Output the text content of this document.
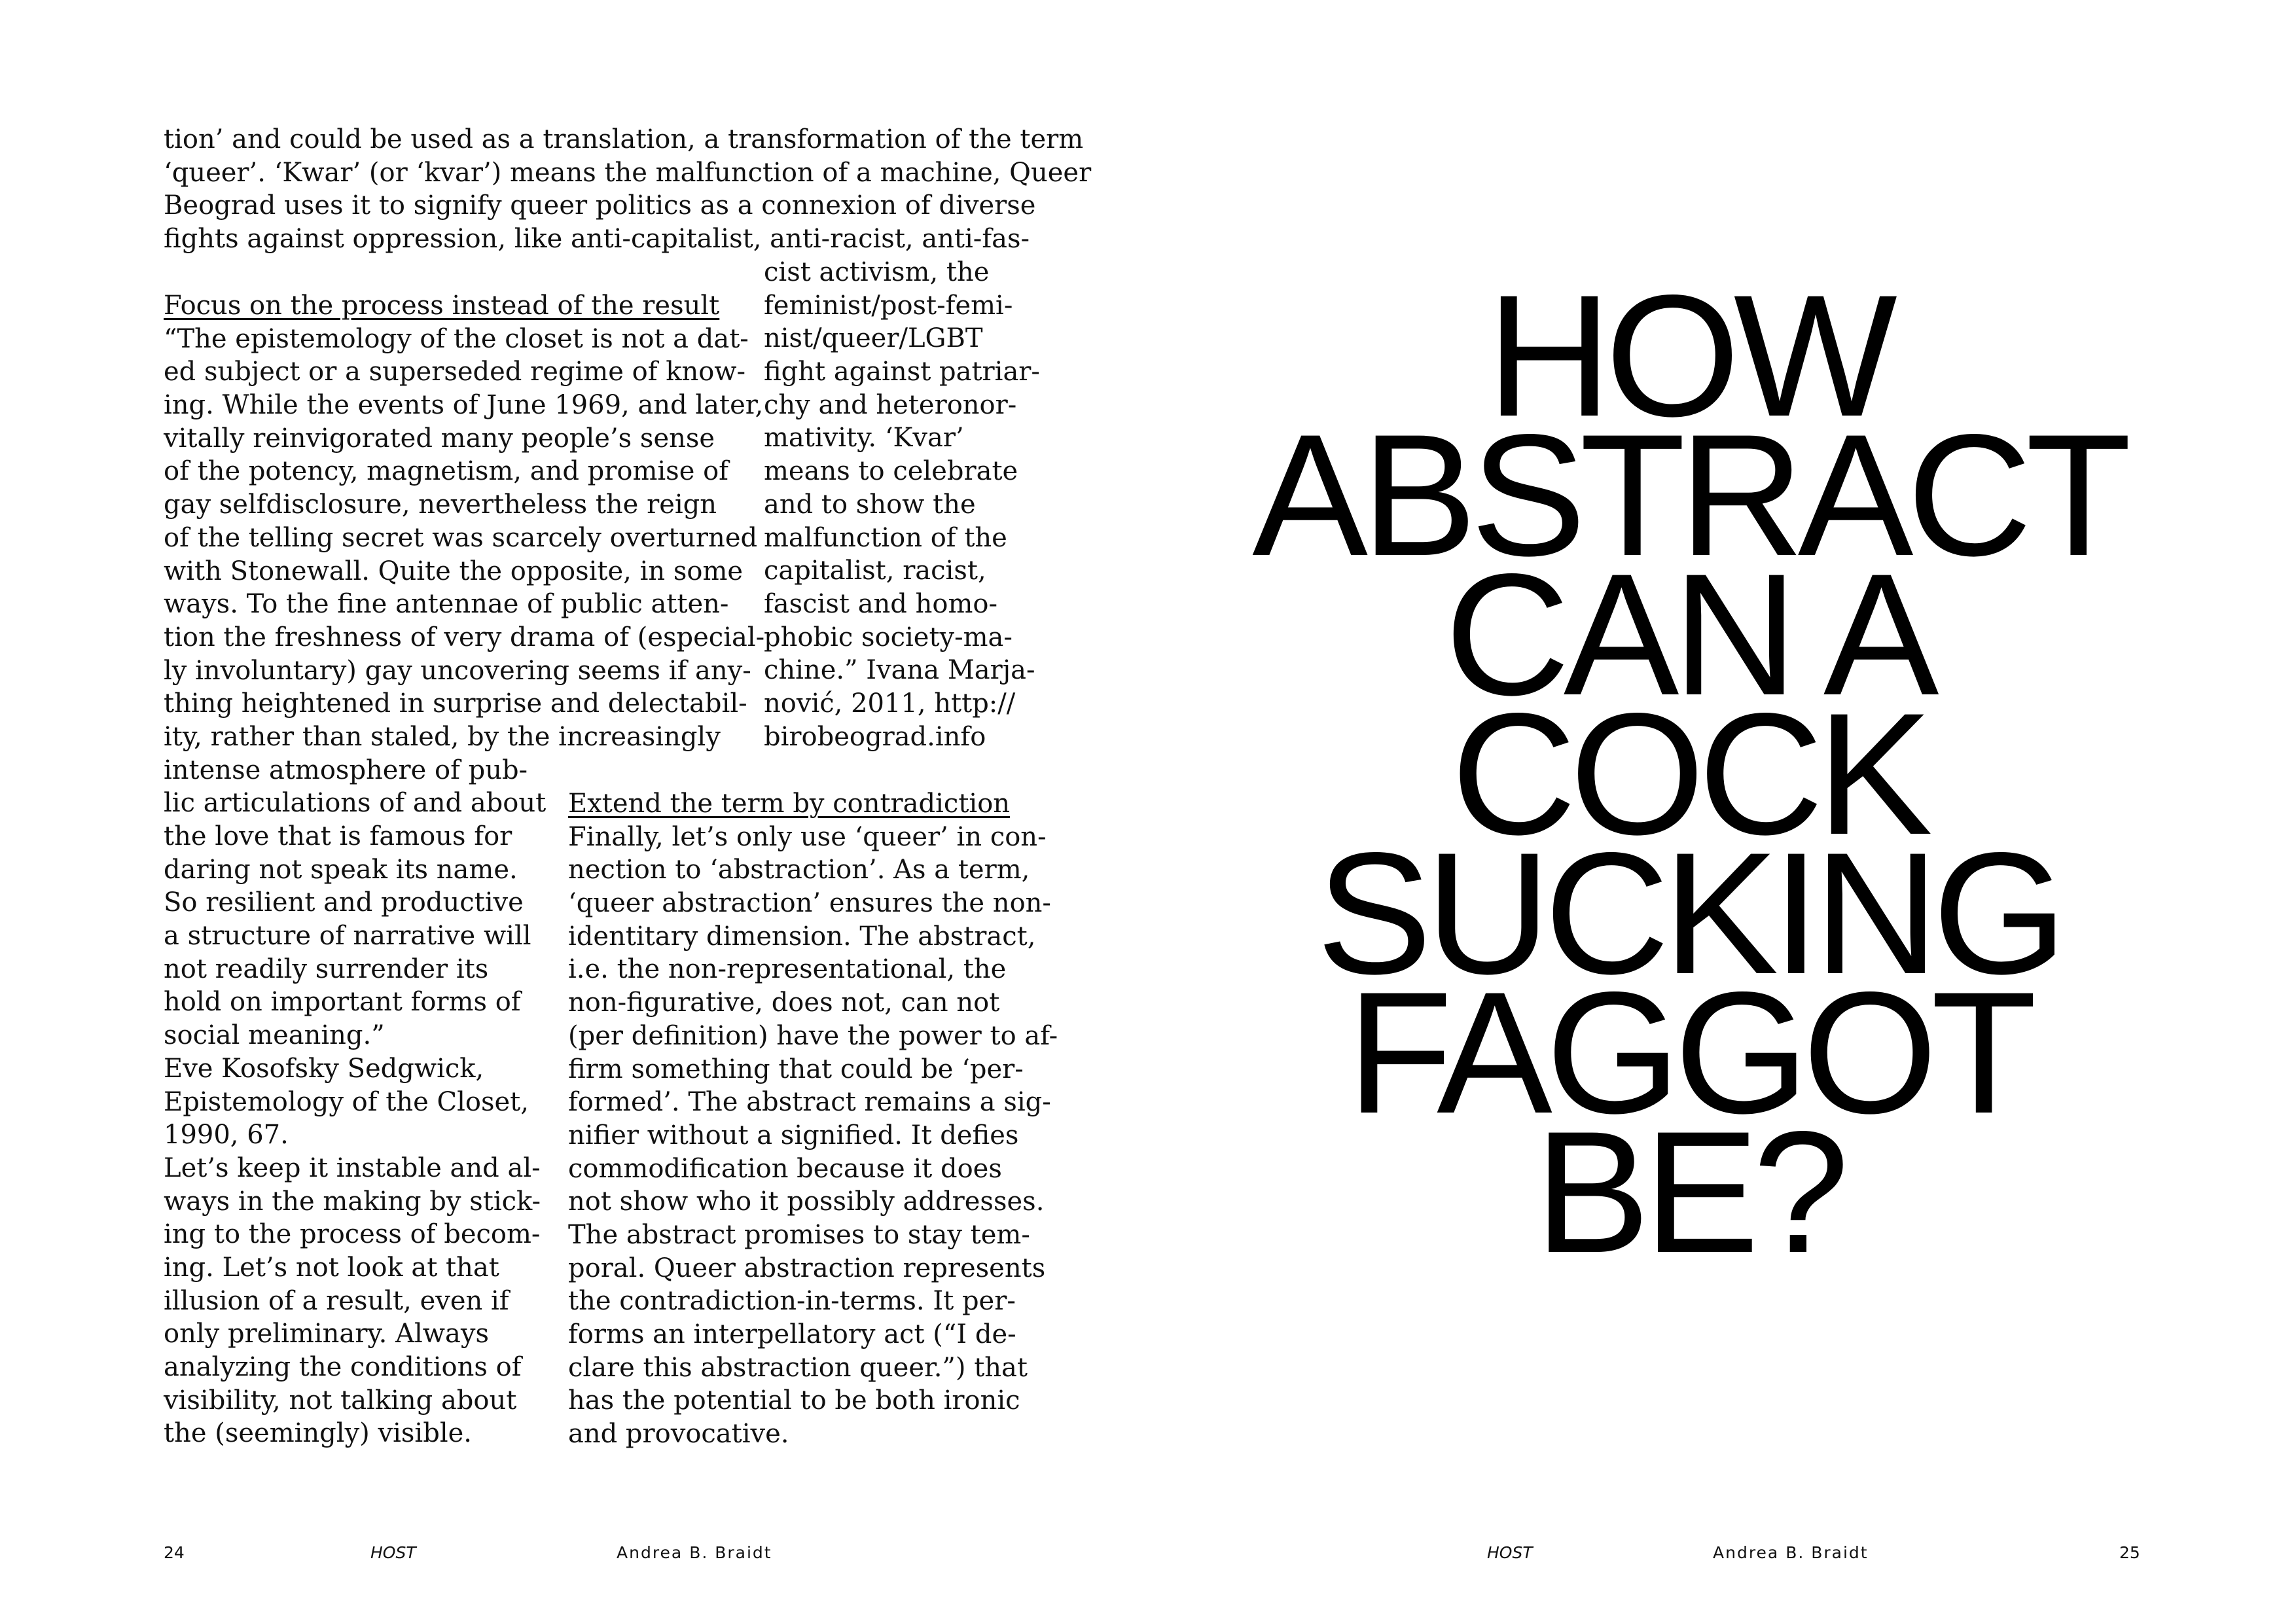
tion’ and could be used as a translation, a transformation of the term
‘queer’. ‘Kwar’ (or ‘kvar’) means the malfunction of a machine, Queer
Beograd uses it to signify queer politics as a connexion of diverse
fights against oppression, like anti-capitalist, anti-racist, anti-fas-
cist activism, the
feminist/post-femi-
nist/queer/LGBT
fight against patriar-
chy and heteronor-
mativity. ‘Kvar’
means to celebrate
and to show the
malfunction of the
capitalist, racist,
fascist and homo-
phobic society-ma-
chine.” Ivana Marja-
nović, 2011, http://
birobeograd.info
Focus on the process instead of the result
“The epistemology of the closet is not a dat-
ed subject or a superseded regime of know-
ing. While the events of June 1969, and later,
vitally reinvigorated many people’s sense
of the potency, magnetism, and promise of
gay selfdisclosure, nevertheless the reign
of the telling secret was scarcely overturned
with Stonewall. Quite the opposite, in some
ways. To the fine antennae of public atten-
tion the freshness of very drama of (especial-
ly involuntary) gay uncovering seems if any-
thing heightened in surprise and delectabil-
ity, rather than staled, by the increasingly
intense atmosphere of pub-
lic articulations of and about
the love that is famous for
daring not speak its name.
So resilient and productive
a structure of narrative will
not readily surrender its
hold on important forms of
social meaning.”
Eve Kosofsky Sedgwick,
Epistemology of the Closet,
1990, 67.
Let’s keep it instable and al-
ways in the making by stick-
ing to the process of becom-
ing. Let’s not look at that
illusion of a result, even if
only preliminary. Always
analyzing the conditions of
visibility, not talking about
the (seemingly) visible.
Extend the term by contradiction
Finally, let’s only use ‘queer’ in con-
nection to ‘abstraction’. As a term,
‘queer abstraction’ ensures the non-
identitary dimension. The abstract,
i.e. the non-representational, the
non-figurative, does not, can not
(per definition) have the power to af-
firm something that could be ‘per-
formed’. The abstract remains a sig-
nifier without a signified. It defies
commodification because it does
not show who it possibly addresses.
The abstract promises to stay tem-
poral. Queer abstraction represents
the contradiction-in-terms. It per-
forms an interpellatory act (“I de-
clare this abstraction queer.”) that
has the potential to be both ironic
and provocative.
24	HOST	Andrea B. Braidt
HOW
ABSTRACT
CAN A
COCK
SUCKING
FAGGOT
BE?
HOST	Andrea B. Braidt	25
